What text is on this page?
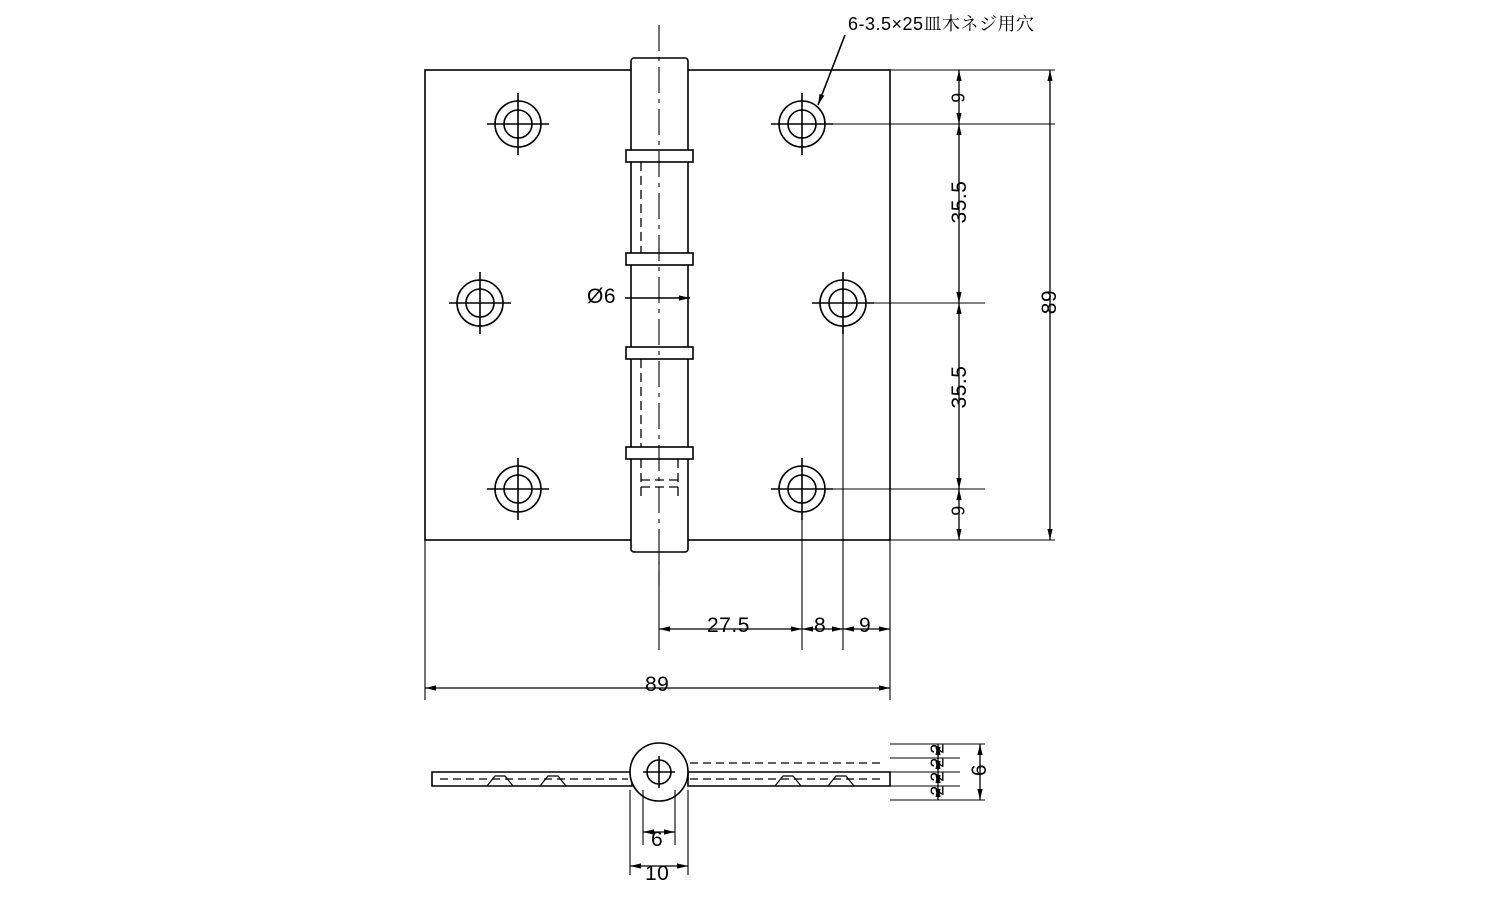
6-3.5×25皿木ネジ用穴
Ø6
9
35.5
35.5
9
89
27.5	8 9
89
2
2
2
2
6
6
10
